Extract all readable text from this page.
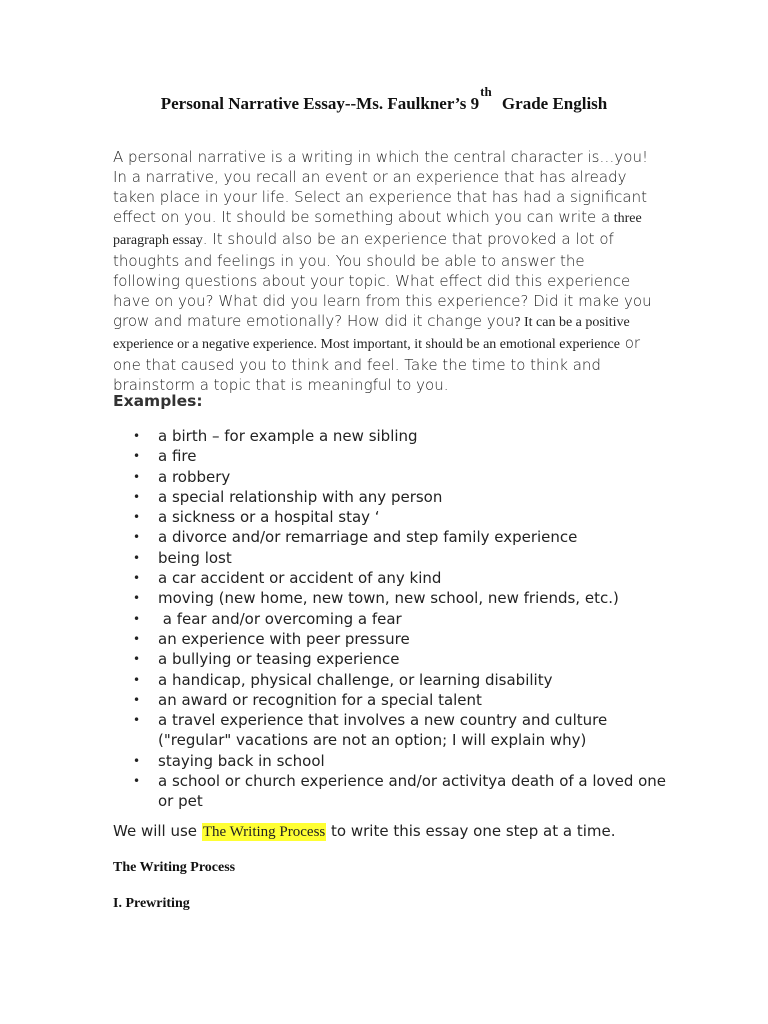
Personal Narrative Essay--Ms. Faulkner’s 9th Grade English
A personal narrative is a writing in which the central character is…you! In a narrative, you recall an event or an experience that has already taken place in your life. Select an experience that has had a significant effect on you. It should be something about which you can write a three paragraph essay. It should also be an experience that provoked a lot of thoughts and feelings in you. You should be able to answer the following questions about your topic. What effect did this experience have on you? What did you learn from this experience? Did it make you grow and mature emotionally? How did it change you? It can be a positive experience or a negative experience. Most important, it should be an emotional experience or one that caused you to think and feel. Take the time to think and brainstorm a topic that is meaningful to you.
Examples:
• a birth – for example a new sibling
• a fire
• a robbery
• a special relationship with any person
• a sickness or a hospital stay ‘
• a divorce and/or remarriage and step family experience
• being lost
• a car accident or accident of any kind
• moving (new home, new town, new school, new friends, etc.)
• a fear and/or overcoming a fear
• an experience with peer pressure
• a bullying or teasing experience
• a handicap, physical challenge, or learning disability
• an award or recognition for a special talent
• a travel experience that involves a new country and culture ("regular" vacations are not an option; I will explain why)
• staying back in school
• a school or church experience and/or activitya death of a loved one or pet
We will use The Writing Process to write this essay one step at a time.
The Writing Process
I. Prewriting
